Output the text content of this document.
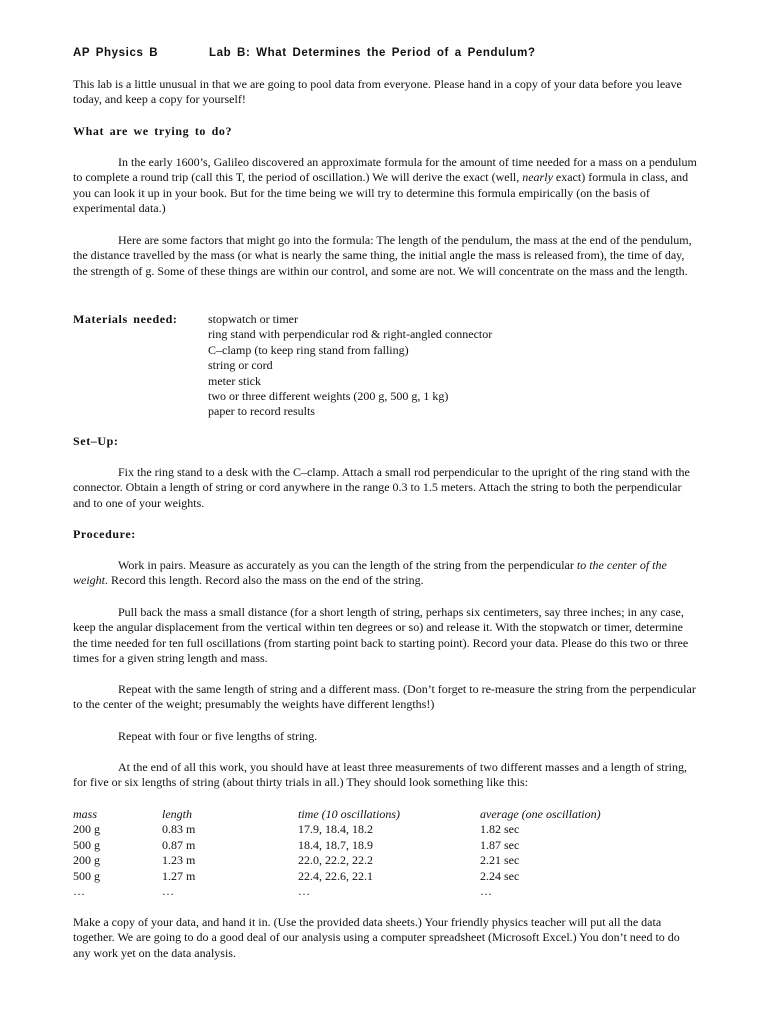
AP Physics B	Lab B: What Determines the Period of a Pendulum?

This lab is a little unusual in that we are going to pool data from everyone. Please hand in a copy of your data before you leave today, and keep a copy for yourself!

What are we trying to do?

In the early 1600’s, Galileo discovered an approximate formula for the amount of time needed for a mass on a pendulum to complete a round trip (call this T, the period of oscillation.) We will derive the exact (well, nearly exact) formula in class, and you can look it up in your book. But for the time being we will try to determine this formula empirically (on the basis of experimental data.)

Here are some factors that might go into the formula: The length of the pendulum, the mass at the end of the pendulum, the distance travelled by the mass (or what is nearly the same thing, the initial angle the mass is released from), the time of day, the strength of g. Some of these things are within our control, and some are not. We will concentrate on the mass and the length.

Materials needed:	stopwatch or timer
ring stand with perpendicular rod & right-angled connector
C–clamp (to keep ring stand from falling)
string or cord
meter stick
two or three different weights (200 g, 500 g, 1 kg)
paper to record results
Set–Up:

Fix the ring stand to a desk with the C–clamp. Attach a small rod perpendicular to the upright of the ring stand with the connector. Obtain a length of string or cord anywhere in the range 0.3 to 1.5 meters. Attach the string to both the perpendicular and to one of your weights.

Procedure:

Work in pairs. Measure as accurately as you can the length of the string from the perpendicular to the center of the weight. Record this length. Record also the mass on the end of the string.

Pull back the mass a small distance (for a short length of string, perhaps six centimeters, say three inches; in any case, keep the angular displacement from the vertical within ten degrees or so) and release it. With the stopwatch or timer, determine the time needed for ten full oscillations (from starting point back to starting point). Record your data. Please do this two or three times for a given string length and mass.

Repeat with the same length of string and a different mass. (Don’t forget to re-measure the string from the perpendicular to the center of the weight; presumably the weights have different lengths!)

Repeat with four or five lengths of string.

At the end of all this work, you should have at least three measurements of two different masses and a length of string, for five or six lengths of string (about thirty trials in all.) They should look something like this:

mass	length	time (10 oscillations)	average (one oscillation)
200 g	0.83 m	17.9, 18.4, 18.2	1.82 sec
500 g	0.87 m	18.4, 18.7, 18.9	1.87 sec
200 g	1.23 m	22.0, 22.2, 22.2	2.21 sec
500 g	1.27 m	22.4, 22.6, 22.1	2.24 sec
…	…	…	…

Make a copy of your data, and hand it in. (Use the provided data sheets.) Your friendly physics teacher will put all the data together. We are going to do a good deal of our analysis using a computer spreadsheet (Microsoft Excel.) You don’t need to do any work yet on the data analysis.
